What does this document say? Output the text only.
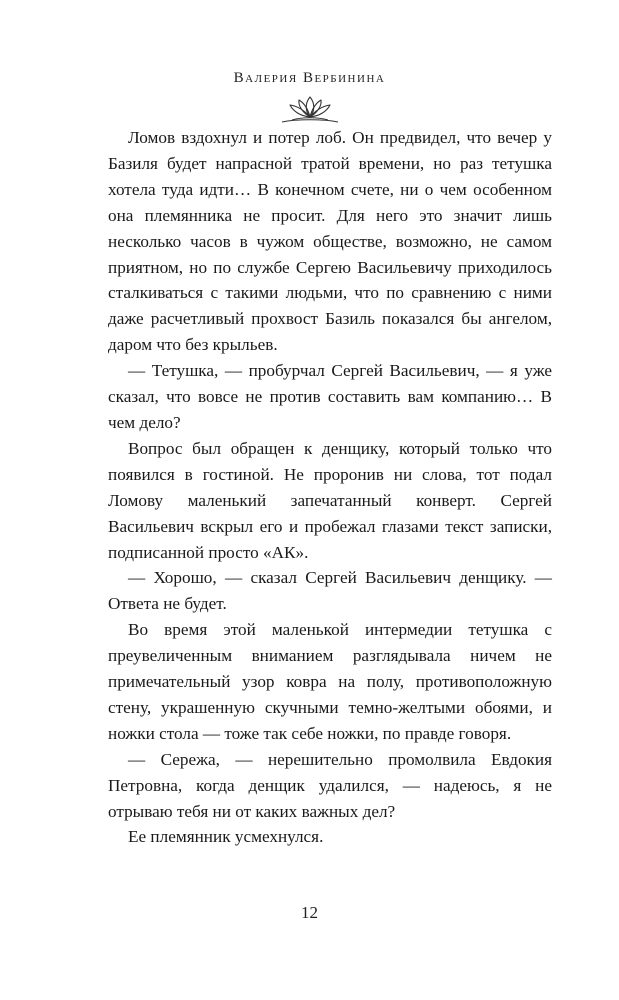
Валерия Вербинина

Ломов вздохнул и потер лоб. Он предвидел, что вечер у Базиля будет напрасной тратой времени, но раз тетушка хотела туда идти… В конечном счете, ни о чем особенном она племянника не просит. Для него это значит лишь несколько часов в чужом обществе, возможно, не самом приятном, но по службе Сергею Васильевичу приходилось сталкиваться с такими людьми, что по сравнению с ними даже расчетливый прохвост Базиль показался бы ангелом, даром что без крыльев.

— Тетушка, — пробурчал Сергей Васильевич, — я уже сказал, что вовсе не против составить вам компанию… В чем дело?

Вопрос был обращен к денщику, который только что появился в гостиной. Не проронив ни слова, тот подал Ломову маленький запечатанный конверт. Сергей Васильевич вскрыл его и пробежал глазами текст записки, подписанной просто «АК».

— Хорошо, — сказал Сергей Васильевич денщику. — Ответа не будет.

Во время этой маленькой интермедии тетушка с преувеличенным вниманием разглядывала ничем не примечательный узор ковра на полу, противоположную стену, украшенную скучными темно-желтыми обоями, и ножки стола — тоже так себе ножки, по правде говоря.

— Сережа, — нерешительно промолвила Евдокия Петровна, когда денщик удалился, — надеюсь, я не отрываю тебя ни от каких важных дел?

Ее племянник усмехнулся.

12
